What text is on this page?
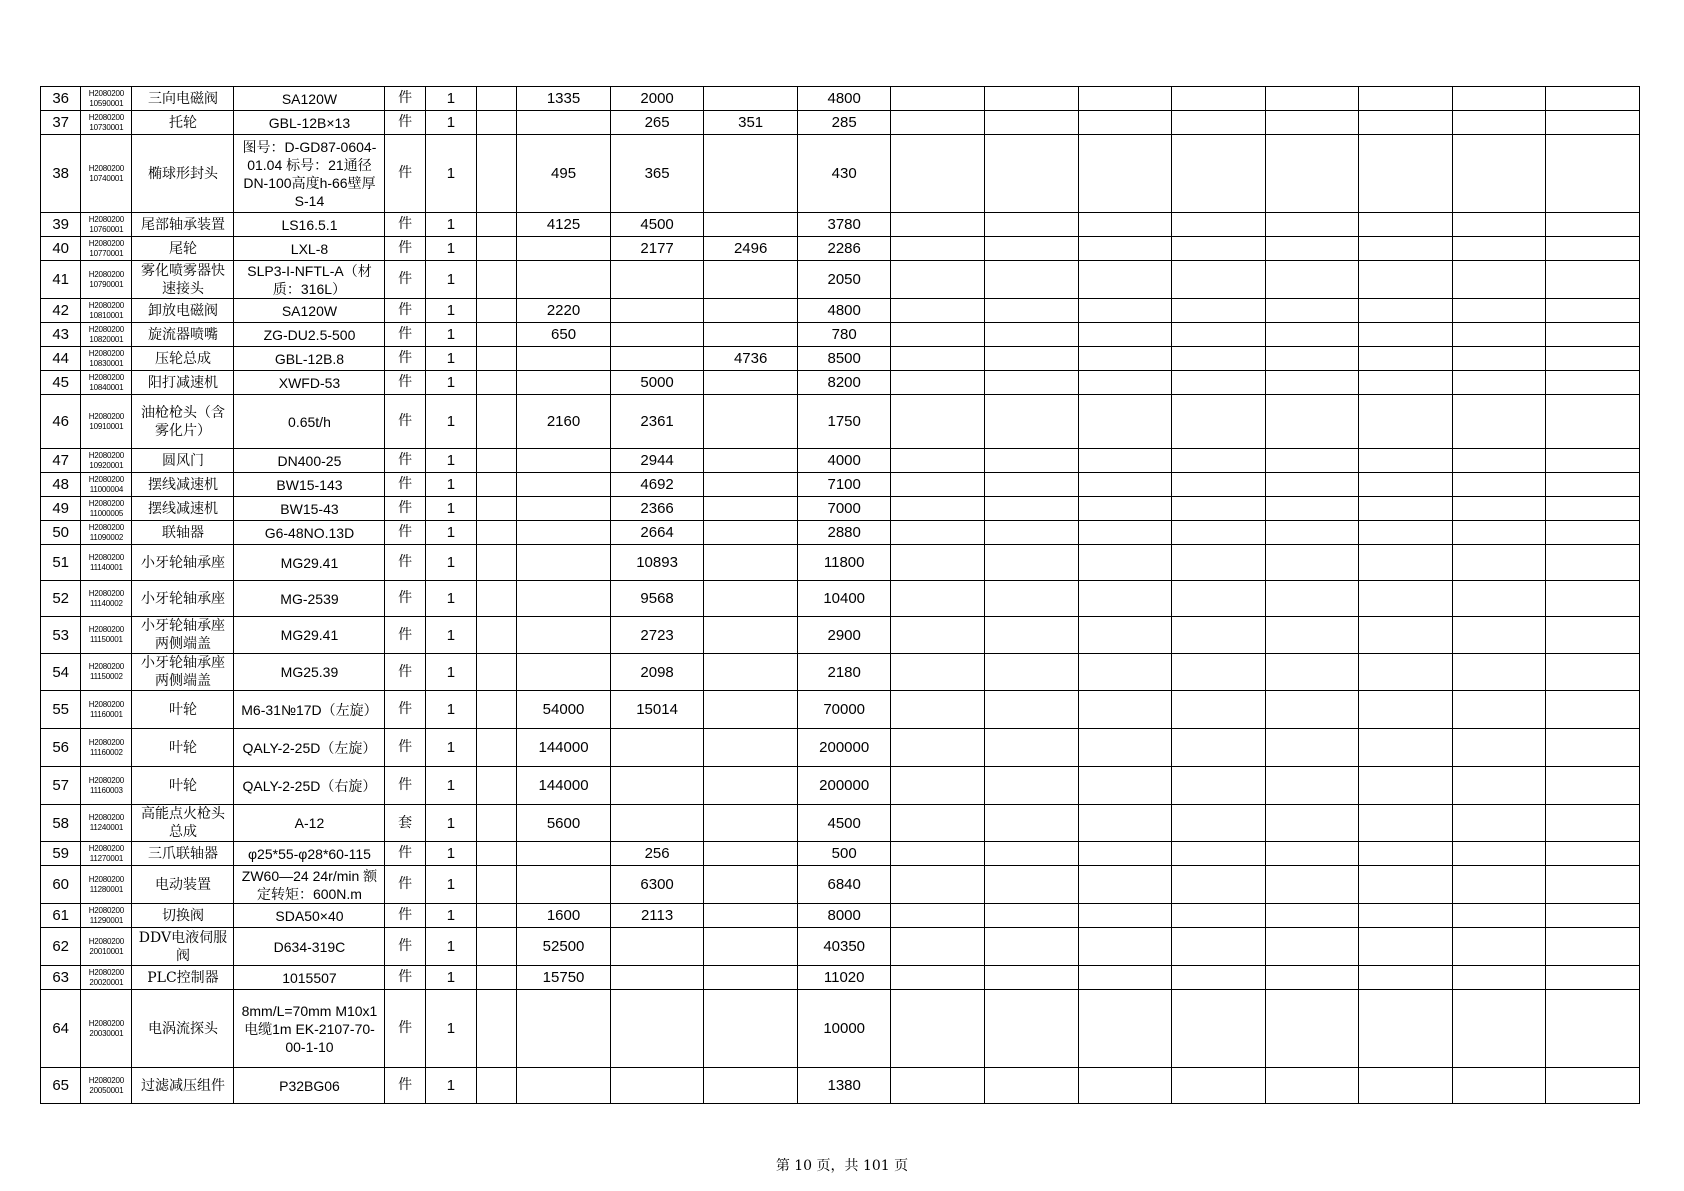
36	H2080200 10590001	三向电磁阀	SA120W	件	1		1335	2000		4800								
37	H2080200 10730001	托轮	GBL-12B×13	件	1			265	351	285								
38	H2080200 10740001	椭球形封头	图号：D-GD87-0604-01.04 标号：21通径DN-100高度h-66壁厚S-14	件	1		495	365		430								
39	H2080200 10760001	尾部轴承装置	LS16.5.1	件	1		4125	4500		3780								
40	H2080200 10770001	尾轮	LXL-8	件	1			2177	2496	2286								
41	H2080200 10790001	雾化喷雾器快速接头	SLP3-I-NFTL-A（材质：316L）	件	1					2050								
42	H2080200 10810001	卸放电磁阀	SA120W	件	1		2220			4800								
43	H2080200 10820001	旋流器喷嘴	ZG-DU2.5-500	件	1		650			780								
44	H2080200 10830001	压轮总成	GBL-12B.8	件	1				4736	8500								
45	H2080200 10840001	阳打减速机	XWFD-53	件	1			5000		8200								
46	H2080200 10910001	油枪枪头（含雾化片）	0.65t/h	件	1		2160	2361		1750								
47	H2080200 10920001	圆风门	DN400-25	件	1			2944		4000								
48	H2080200 11000004	摆线减速机	BW15-143	件	1			4692		7100								
49	H2080200 11000005	摆线减速机	BW15-43	件	1			2366		7000								
50	H2080200 11090002	联轴器	G6-48NO.13D	件	1			2664		2880								
51	H2080200 11140001	小牙轮轴承座	MG29.41	件	1			10893		11800								
52	H2080200 11140002	小牙轮轴承座	MG-2539	件	1			9568		10400								
53	H2080200 11150001	小牙轮轴承座两侧端盖	MG29.41	件	1			2723		2900								
54	H2080200 11150002	小牙轮轴承座两侧端盖	MG25.39	件	1			2098		2180								
55	H2080200 11160001	叶轮	M6-31№17D（左旋）	件	1		54000	15014		70000								
56	H2080200 11160002	叶轮	QALY-2-25D（左旋）	件	1		144000			200000								
57	H2080200 11160003	叶轮	QALY-2-25D（右旋）	件	1		144000			200000								
58	H2080200 11240001	高能点火枪头总成	A-12	套	1		5600			4500								
59	H2080200 11270001	三爪联轴器	φ25*55-φ28*60-115	件	1			256		500								
60	H2080200 11280001	电动装置	ZW60—24 24r/min 额定转矩：600N.m	件	1			6300		6840								
61	H2080200 11290001	切换阀	SDA50×40	件	1		1600	2113		8000								
62	H2080200 20010001	DDV电液伺服阀	D634-319C	件	1		52500			40350								
63	H2080200 20020001	PLC控制器	1015507	件	1		15750			11020								
64	H2080200 20030001	电涡流探头	8mm/L=70mm M10x1 电缆1m EK-2107-70-00-1-10	件	1					10000								
65	H2080200 20050001	过滤减压组件	P32BG06	件	1					1380								
第 10 页，共 101 页
